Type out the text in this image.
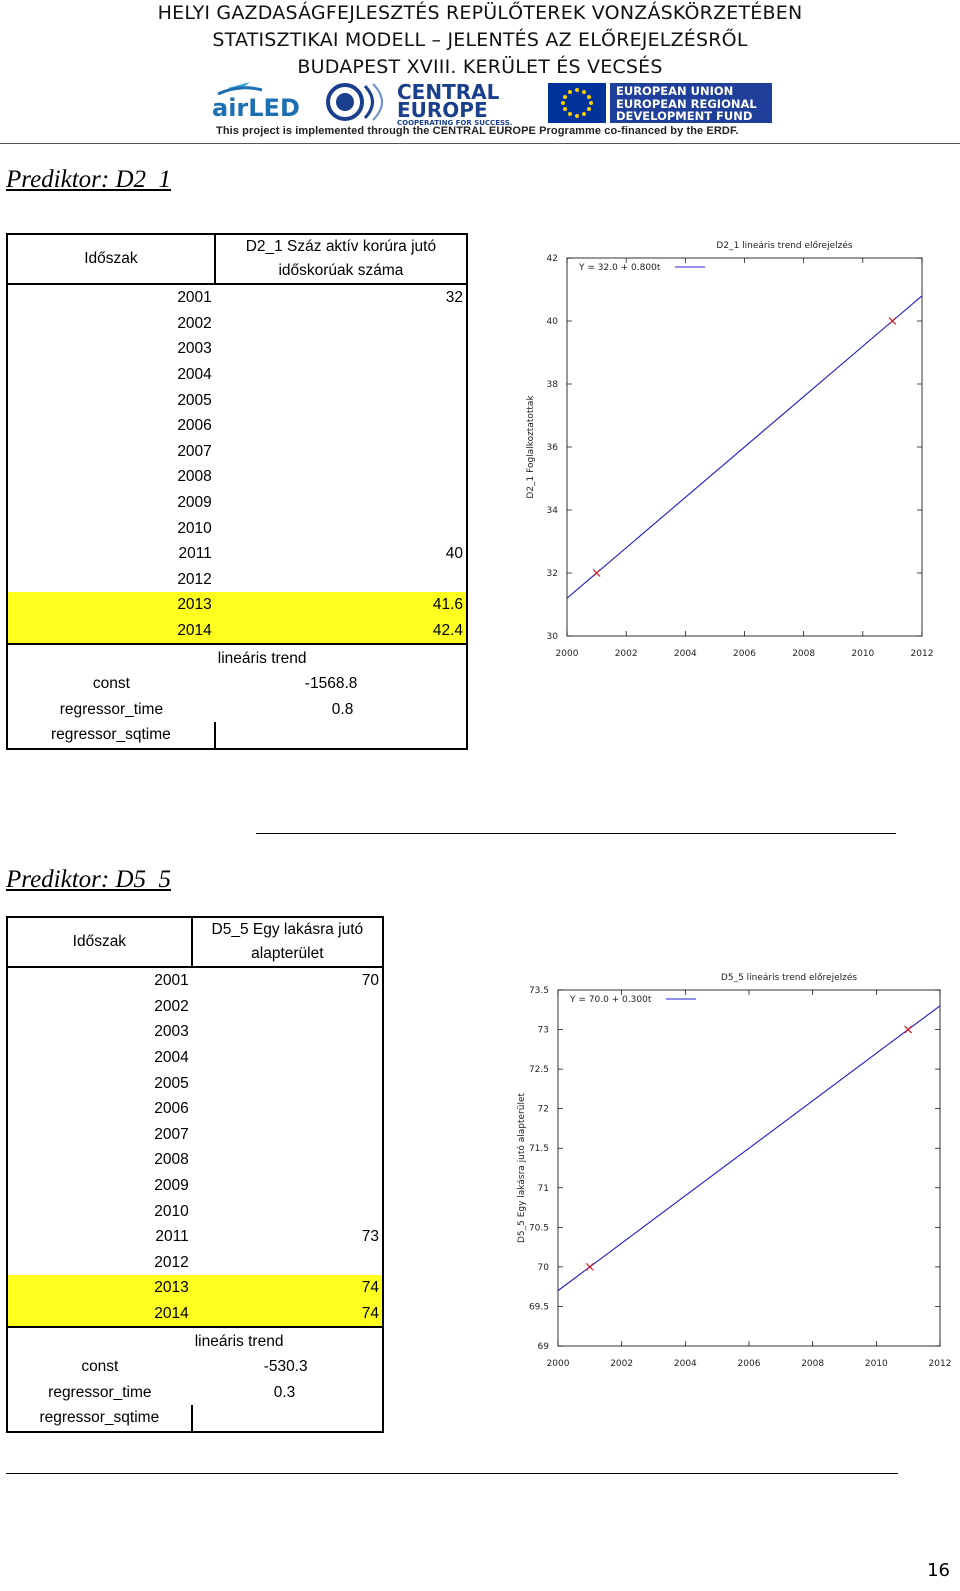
HELYI GAZDASÁGFEJLESZTÉS REPÜLŐTEREK VONZÁSKÖRZETÉBEN
STATISZTIKAI MODELL – JELENTÉS AZ ELŐREJELZÉSRŐL
BUDAPEST XVIII. KERÜLET ÉS VECSÉS
airLED
CENTRAL
EUROPE
COOPERATING FOR SUCCESS.
EUROPEAN UNION
EUROPEAN REGIONAL
DEVELOPMENT FUND
This project is implemented through the CENTRAL EUROPE Programme co-financed by the ERDF.
Prediktor: D2_1
Időszak	D2_1 Száz aktív korúra jutó
időskorúak száma
2001	32
2002	
2003	
2004	
2005	
2006	
2007	
2008	
2009	
2010	
2011	40
2012	
2013	41.6
2014	42.4
	lineáris trend
const	-1568.8
regressor_time	0.8
regressor_sqtime	
D2_1 lineáris trend előrejelzés
30
32
34
36
38
40
42
2000	2002	2004	2006	2008	2010	2012
D2_1 Foglalkoztatottak
Y = 32.0 + 0.800t
Prediktor: D5_5
Időszak	D5_5 Egy lakásra jutó
alapterület
2001	70
2002	
2003	
2004	
2005	
2006	
2007	
2008	
2009	
2010	
2011	73
2012	
2013	74
2014	74
	lineáris trend
const	-530.3
regressor_time	0.3
regressor_sqtime	
D5_5 lineáris trend előrejelzés
69
69.5
70
70.5
71
71.5
72
72.5
73
73.5
2000	2002	2004	2006	2008	2010	2012
D5_5 Egy lakásra jutó alapterület
Y = 70.0 + 0.300t
16
